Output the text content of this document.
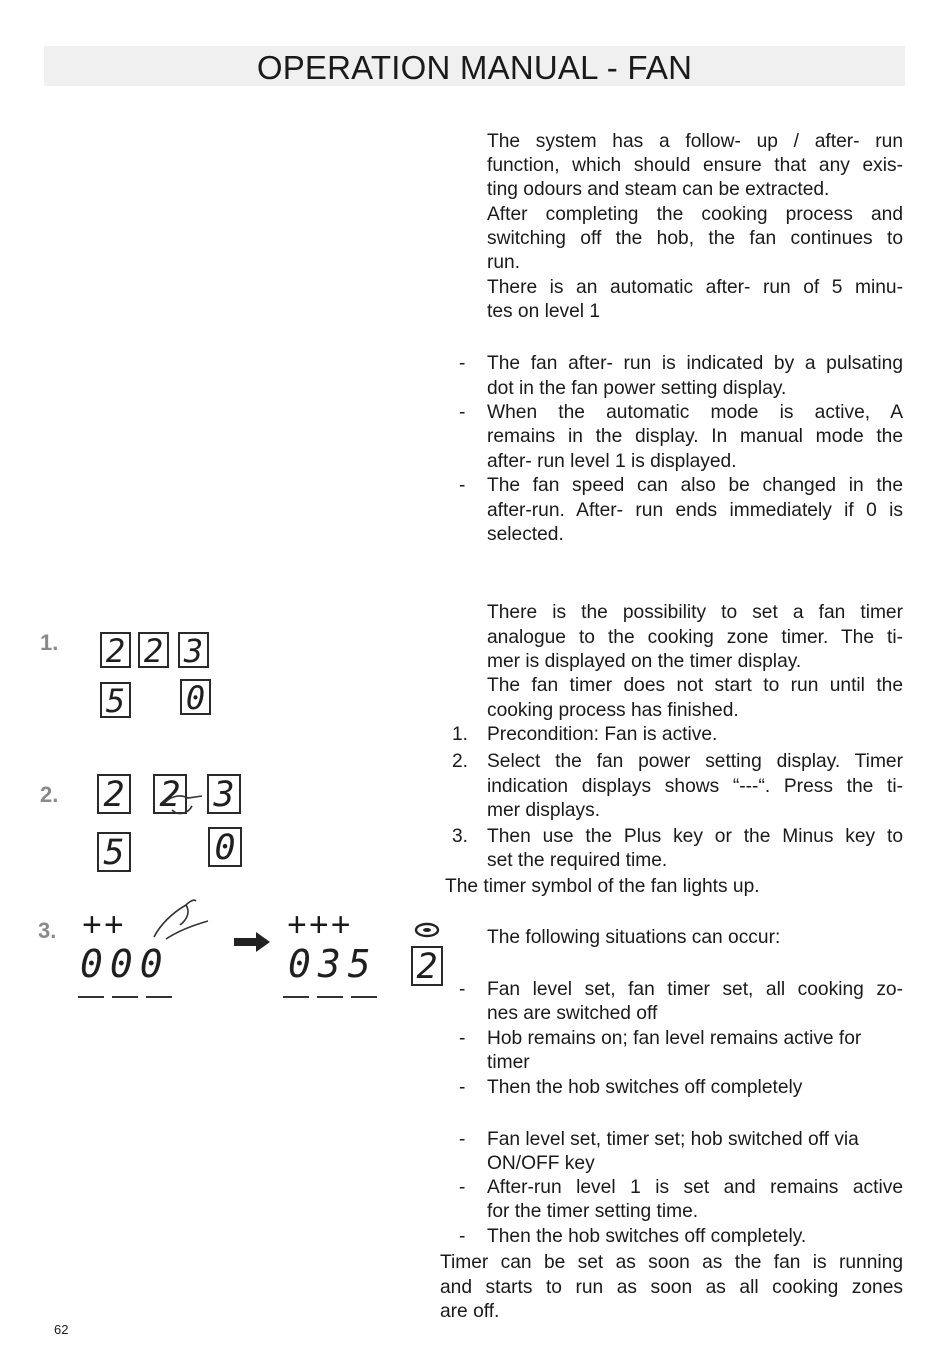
OPERATION MANUAL - FAN
The system has a follow- up / after- run
function, which should ensure that any exis-
ting odours and steam can be extracted.
After completing the cooking process and
switching off the hob, the fan continues to
run.
There is an automatic after- run of 5 minu-
tes on level 1
- The fan after- run is indicated by a pulsating
dot in the fan power setting display.
- When the automatic mode is active, A
remains in the display. In manual mode the
after- run level 1 is displayed.
- The fan speed can also be changed in the
after-run. After- run ends immediately if 0 is
selected.
There is the possibility to set a fan timer
analogue to the cooking zone timer. The ti-
mer is displayed on the timer display.
The fan timer does not start to run until the
cooking process has finished.
1. Precondition: Fan is active.
2. Select the fan power setting display. Timer
indication displays shows “---“. Press the ti-
mer displays.
3. Then use the Plus key or the Minus key to
set the required time.
The timer symbol of the fan lights up.
The following situations can occur:
- Fan level set, fan timer set, all cooking zo-
nes are switched off
- Hob remains on; fan level remains active for
timer
- Then the hob switches off completely
- Fan level set, timer set; hob switched off via
ON/OFF key
- After-run level 1 is set and remains active
for the timer setting time.
- Then the hob switches off completely.
Timer can be set as soon as the fan is running
and starts to run as soon as all cooking zones
are off.
1. 2 2 3
5 0
2. 2 2 3
5	0
3. ++
000
+++
035 2
62
